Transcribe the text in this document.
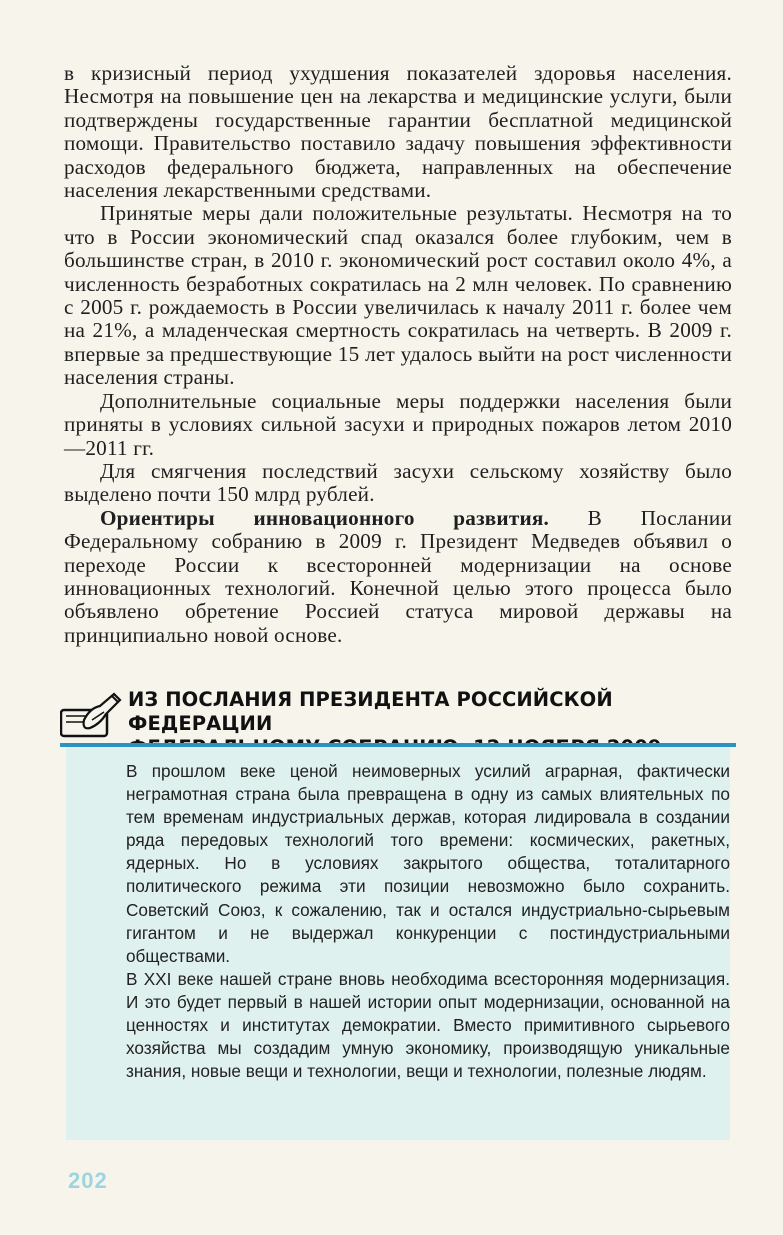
в кризисный период ухудшения показателей здоровья населения. Несмотря на повышение цен на лекарства и медицинские услуги, были подтверждены государственные гарантии бесплатной медицинской помощи. Правительство поставило задачу повышения эффективности расходов федерального бюджета, направленных на обеспечение населения лекарственными средствами.

Принятые меры дали положительные результаты. Несмотря на то что в России экономический спад оказался более глубоким, чем в большинстве стран, в 2010 г. экономический рост составил около 4%, а численность безработных сократилась на 2 млн человек. По сравнению с 2005 г. рождаемость в России увеличилась к началу 2011 г. более чем на 21%, а младенческая смертность сократилась на четверть. В 2009 г. впервые за предшествующие 15 лет удалось выйти на рост численности населения страны.

Дополнительные социальные меры поддержки населения были приняты в условиях сильной засухи и природных пожаров летом 2010—2011 гг.

Для смягчения последствий засухи сельскому хозяйству было выделено почти 150 млрд рублей.

Ориентиры инновационного развития. В Послании Федеральному собранию в 2009 г. Президент Медведев объявил о переходе России к всесторонней модернизации на основе инновационных технологий. Конечной целью этого процесса было объявлено обретение Россией статуса мировой державы на принципиально новой основе.

ИЗ ПОСЛАНИЯ ПРЕЗИДЕНТА РОССИЙСКОЙ ФЕДЕРАЦИИ

В прошлом веке ценой неимоверных усилий аграрная, фактически неграмотная страна была превращена в одну из самых влиятельных по тем временам индустриальных держав, которая лидировала в создании ряда передовых технологий того времени: космических, ракетных, ядерных. Но в условиях закрытого общества, тоталитарного политического режима эти позиции невозможно было сохранить. Советский Союз, к сожалению, так и остался индустриально-сырьевым гигантом и не выдержал конкуренции с постиндустриальными обществами.

В XXI веке нашей стране вновь необходима всесторонняя модернизация. И это будет первый в нашей истории опыт модернизации, основанной на ценностях и институтах демократии. Вместо примитивного сырьевого хозяйства мы создадим умную экономику, производящую уникальные знания, новые вещи и технологии, вещи и технологии, полезные людям.

202
